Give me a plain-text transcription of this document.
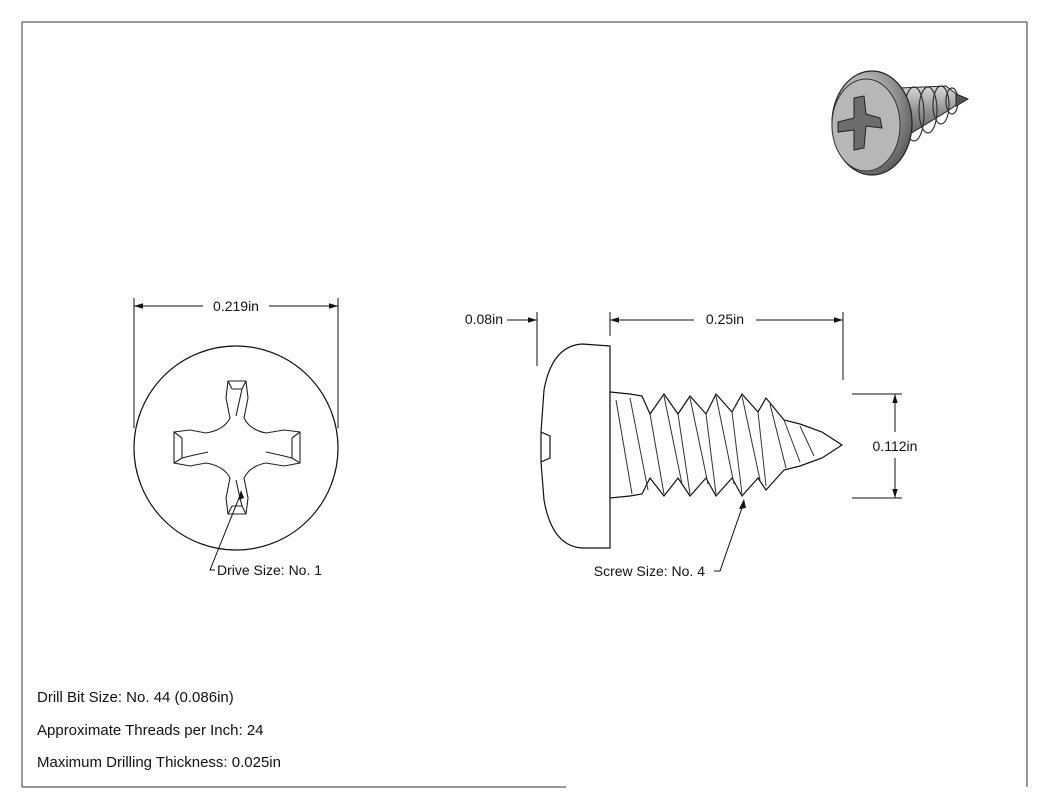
0.219in
Drive Size: No. 1
0.08in	0.25in
0.112in
Screw Size: No. 4
Drill Bit Size: No. 44 (0.086in)
Approximate Threads per Inch: 24
Maximum Drilling Thickness: 0.025in
